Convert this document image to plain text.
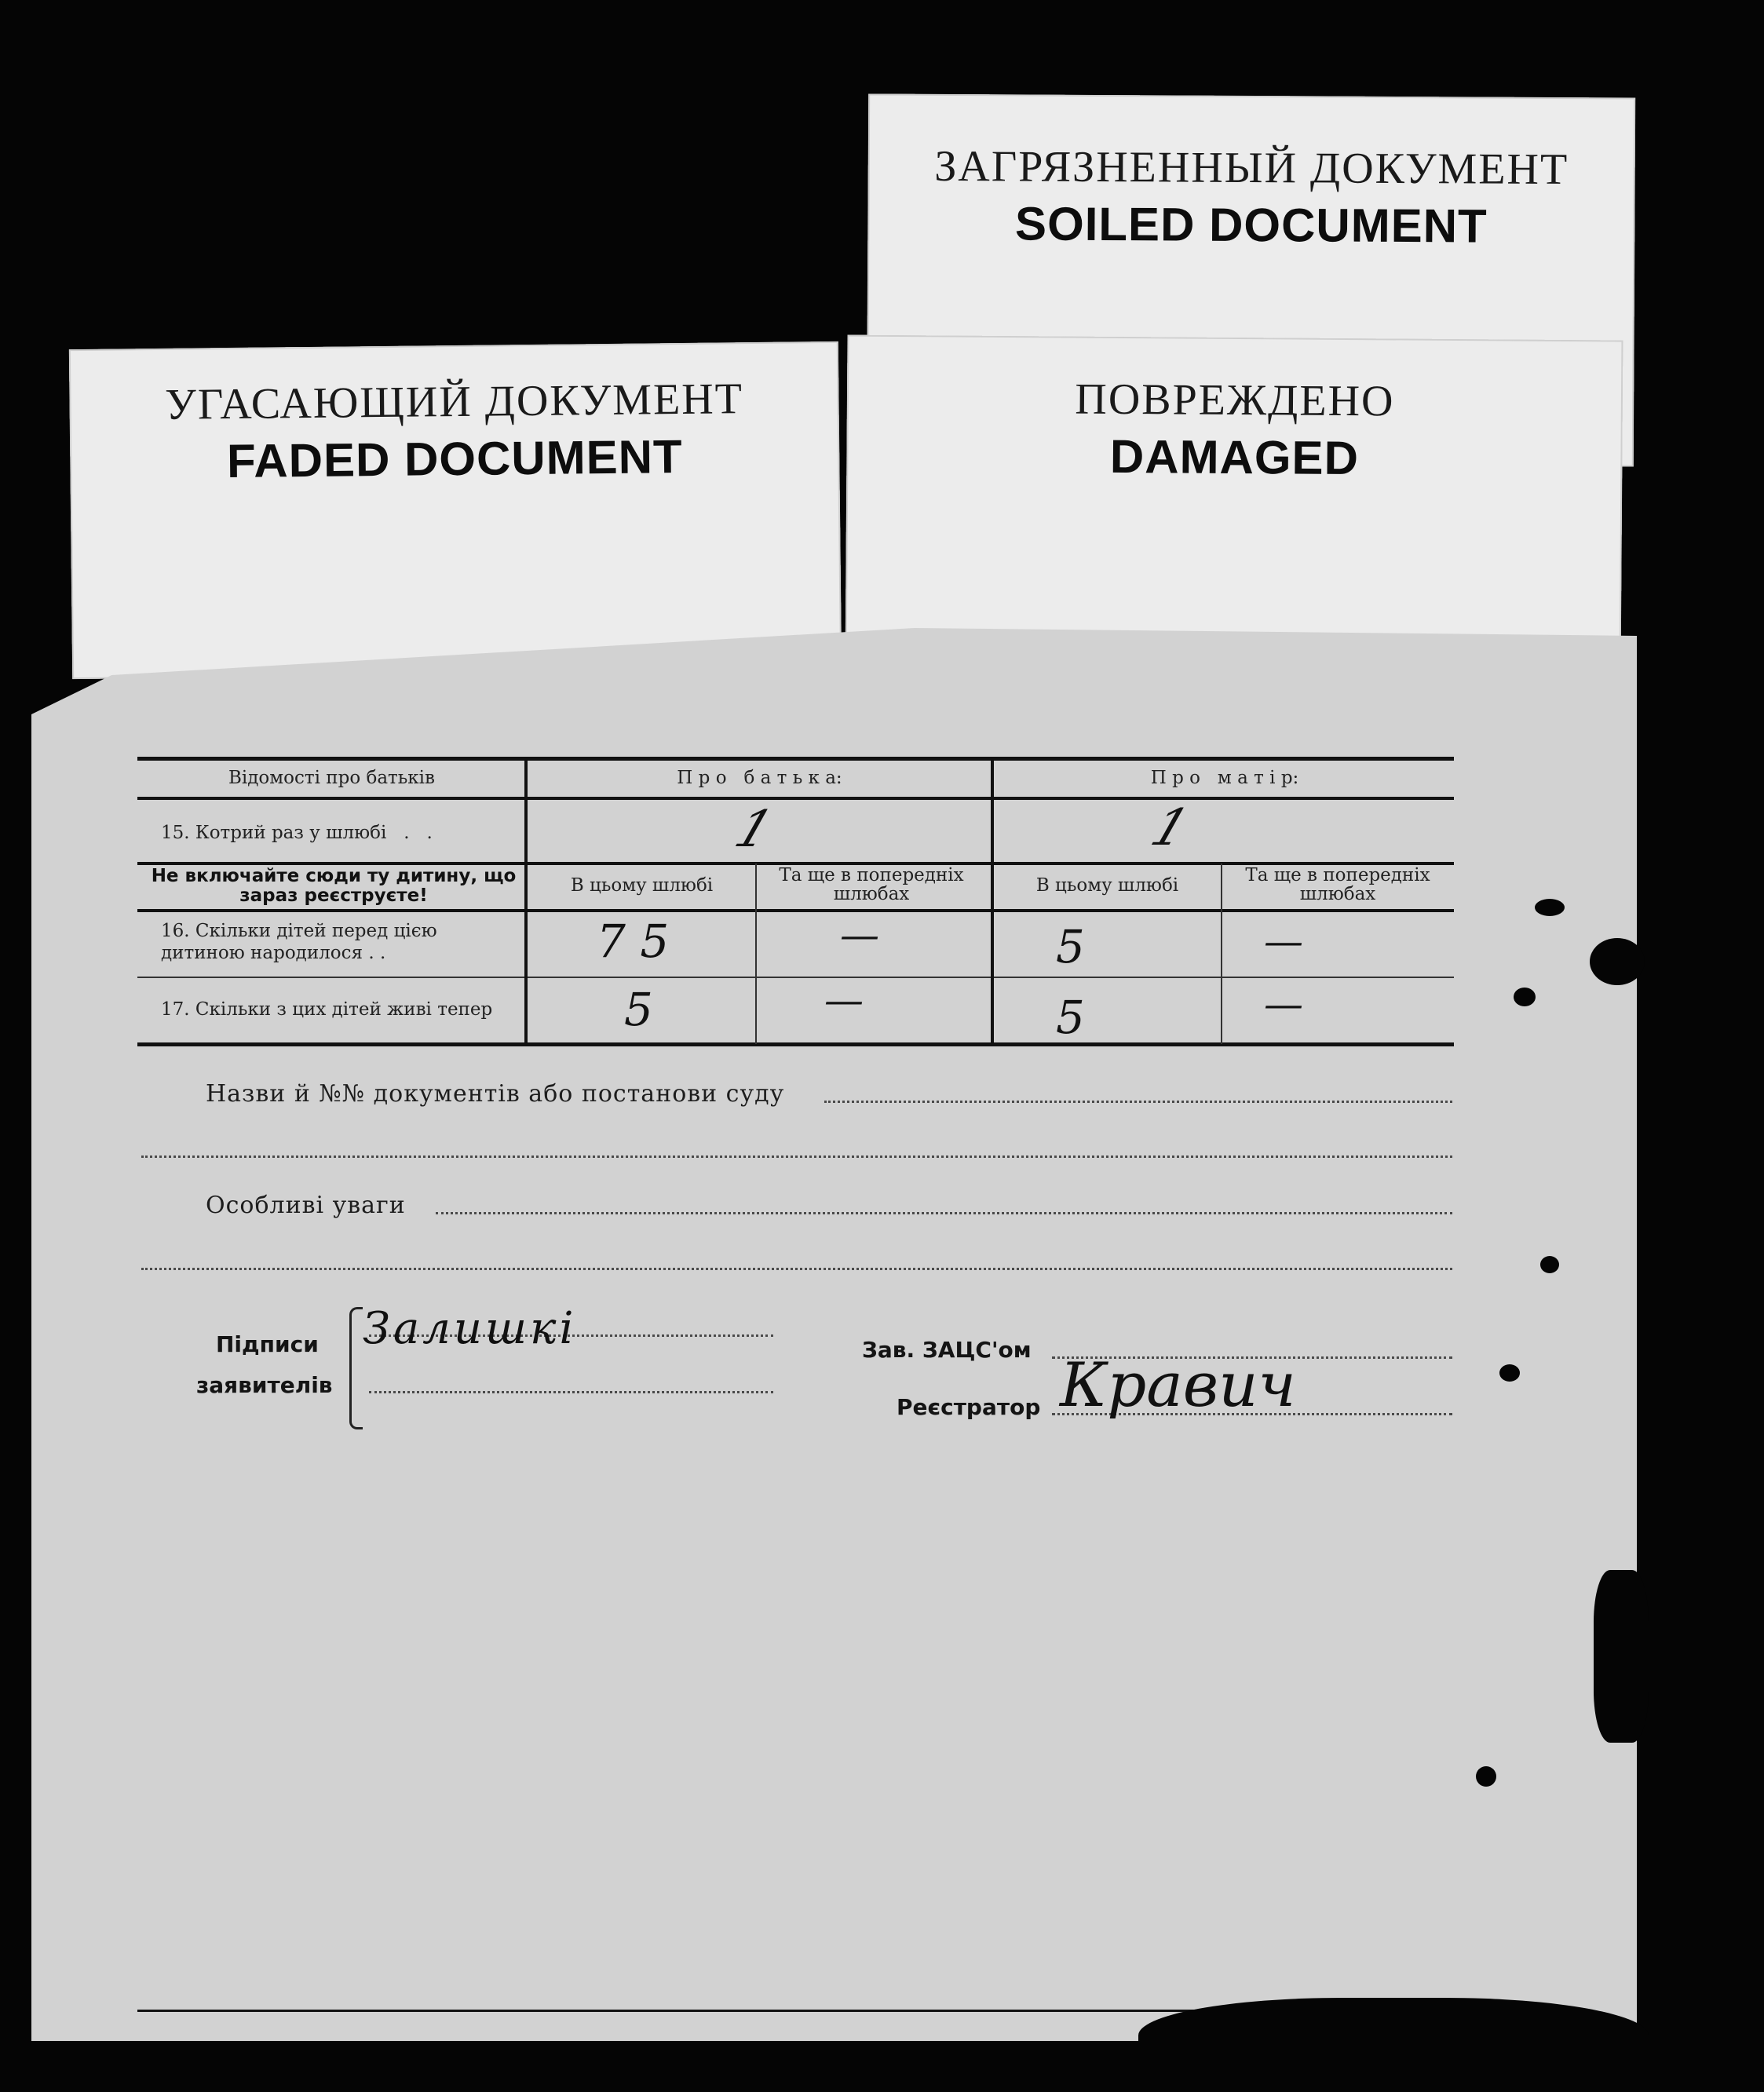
ЗАГРЯЗНЕННЫЙ ДОКУМЕНТ
SOILED DOCUMENT
УГАСАЮЩИЙ ДОКУМЕНТ
FADED DOCUMENT
ПОВРЕЖДЕНО
DAMAGED
Відомості про батьків	П р о   б а т ь к а:	П р о   м а т і р:
15. Котрий раз у шлюбі   .   .	1	1
Не включайте сюди ту дитину, що зараз реєструєте!	В цьому шлюбі	Та ще в попередніх шлюбах	В цьому шлюбі	Та ще в попередніх шлюбах
16. Скільки дітей перед цією дитиною народилося . .	7 5	—	5	—
17. Скільки з цих дітей живі тепер	5	—	5	—
Назви й №№ документів або постанови суду
Особливі уваги
Підписи
заявителів
Залишкі	Зав. ЗАЦС'ом
Реєстратор Кравич
